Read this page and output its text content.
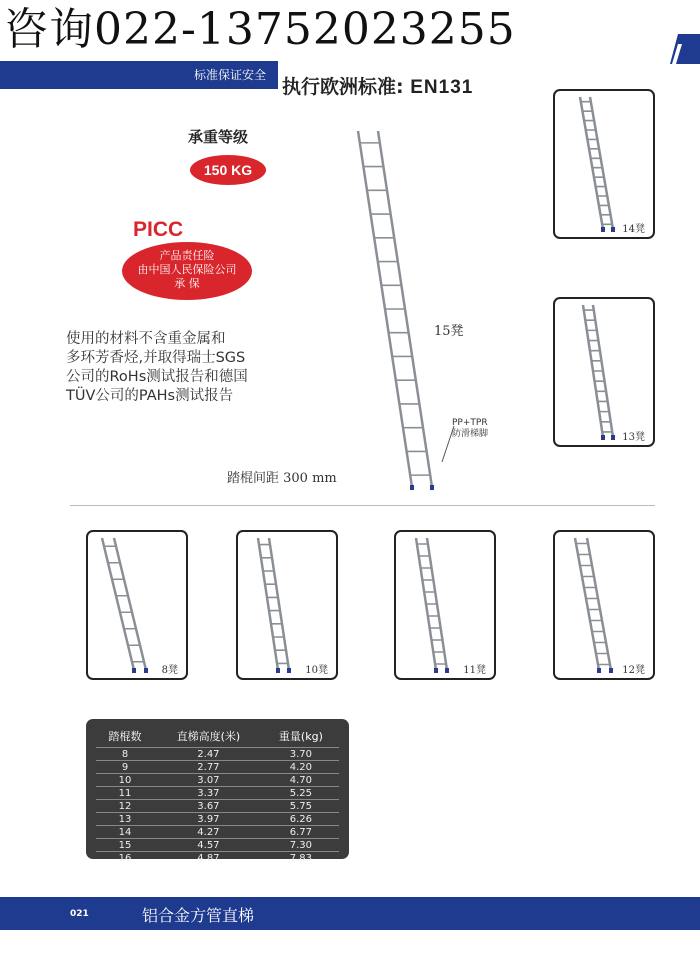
咨询022-13752023255
标准保证安全
执行欧洲标准: EN131
承重等级
150 KG
PICC
产品责任险
由中国人民保险公司
承 保
使用的材料不含重金属和
多环芳香烃,并取得瑞士SGS
公司的RoHs测试报告和德国
TÜV公司的PAHs测试报告
15凳
PP+TPR
防滑梯脚
踏棍间距 300 mm
14凳
13凳
8凳	10凳	11凳	12凳
踏棍数	直梯高度(米)	重量(kg)
8	2.47	3.70
9	2.77	4.20
10	3.07	4.70
11	3.37	5.25
12	3.67	5.75
13	3.97	6.26
14	4.27	6.77
15	4.57	7.30
16	4.87	7.83
021	铝合金方管直梯
